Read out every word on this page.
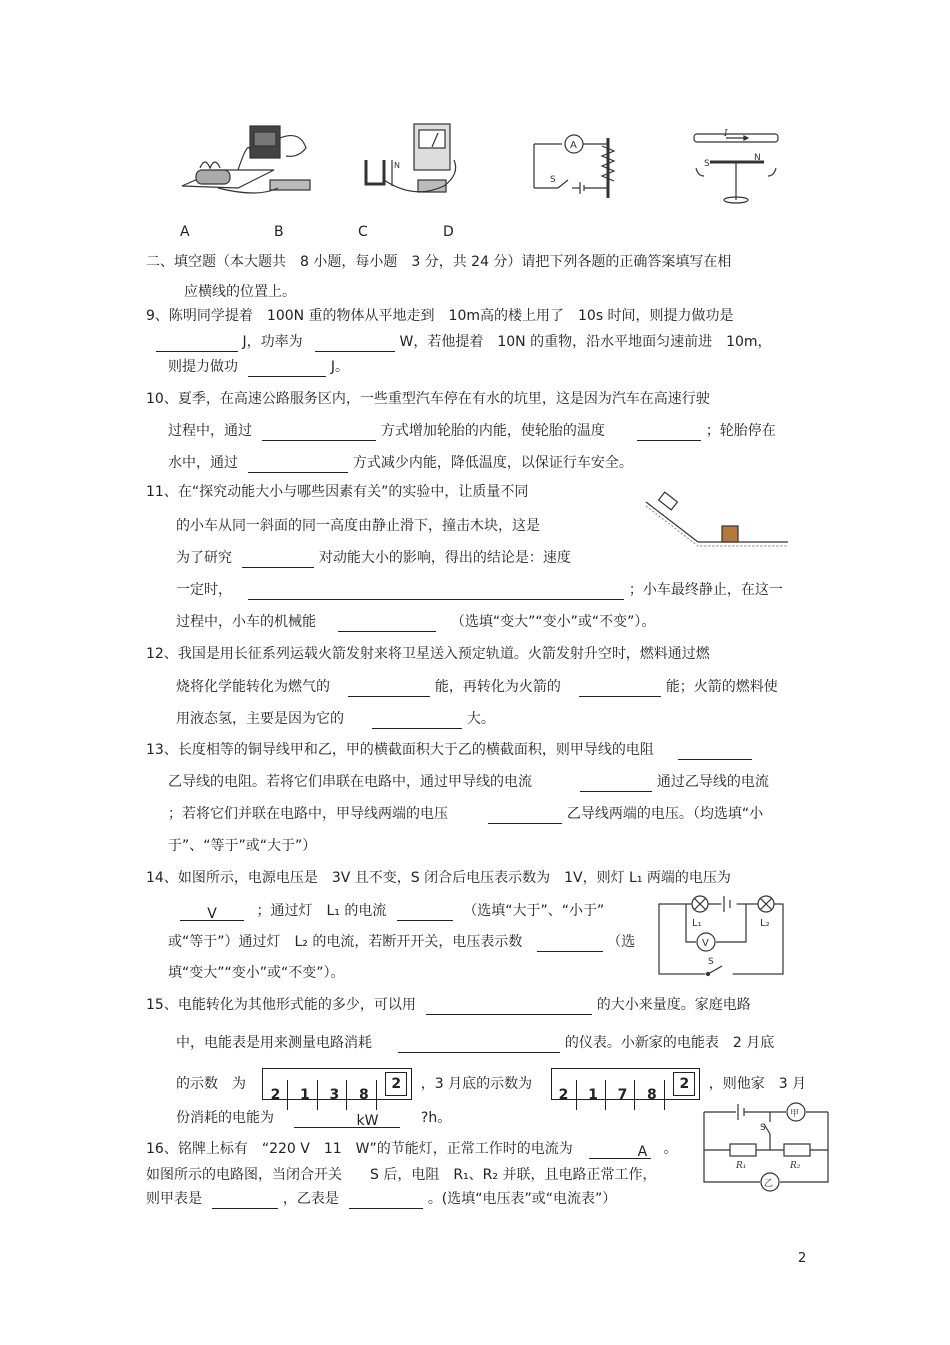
N
A
S
I
S
N
A	B	C	D
二、填空题（本大题共　8 小题，每小题　3 分，共 24 分）请把下列各题的正确答案填写在相
应横线的位置上。
9、陈明同学提着　100N 重的物体从平地走到　10m高的楼上用了　10s 时间，则提力做功是
J，功率为	W，若他提着　10N 的重物，沿水平地面匀速前进　10m，
则提力做功	J。
10、夏季，在高速公路服务区内，一些重型汽车停在有水的坑里，这是因为汽车在高速行驶
过程中，通过	方式增加轮胎的内能，使轮胎的温度	；轮胎停在
水中，通过	方式减少内能，降低温度，以保证行车安全。
11、在“探究动能大小与哪些因素有关”的实验中，让质量不同
的小车从同一斜面的同一高度由静止滑下，撞击木块，这是
为了研究	对动能大小的影响，得出的结论是：速度
一定时，	；小车最终静止，在这一
过程中，小车的机械能	（选填“变大”“变小”或“不变”）。
12、我国是用长征系列运载火箭发射来将卫星送入预定轨道。火箭发射升空时，燃料通过燃
烧将化学能转化为燃气的	能，再转化为火箭的	能；火箭的燃料使
用液态氢，主要是因为它的	大。
13、长度相等的铜导线甲和乙，甲的横截面积大于乙的横截面积，则甲导线的电阻
乙导线的电阻。若将它们串联在电路中，通过甲导线的电流	通过乙导线的电流
；若将它们并联在电路中，甲导线两端的电压	乙导线两端的电压。（均选填“小
于”、“等于”或“大于”）
14、如图所示，电源电压是　3V 且不变，S 闭合后电压表示数为　1V，则灯 L₁ 两端的电压为
V	；通过灯　L₁ 的电流	（选填“大于”、“小于”
或“等于”）通过灯　L₂ 的电流，若断开开关，电压表示数	（选
填“变大”“变小”或“不变”）。
L₁	L₂
V
S
15、电能转化为其他形式能的多少，可以用	的大小来量度。家庭电路
中，电能表是用来测量电路消耗	的仪表。小新家的电能表　2 月底
的示数　为 2 1 3 8
2	，3 月底的示数为 2 1 7 8
2	，则他家　3 月
份消耗的电能为	kW	?h。
16、铭牌上标有　“220 V　11　W”的节能灯，正常工作时的电流为	A 。
如图所示的电路图，当闭合开关　　S 后，电阻　R₁、R₂ 并联，且电路正常工作，
则甲表是	，乙表是	。(选填“电压表”或“电流表”）
甲
乙
S
R₁	R₂
2
